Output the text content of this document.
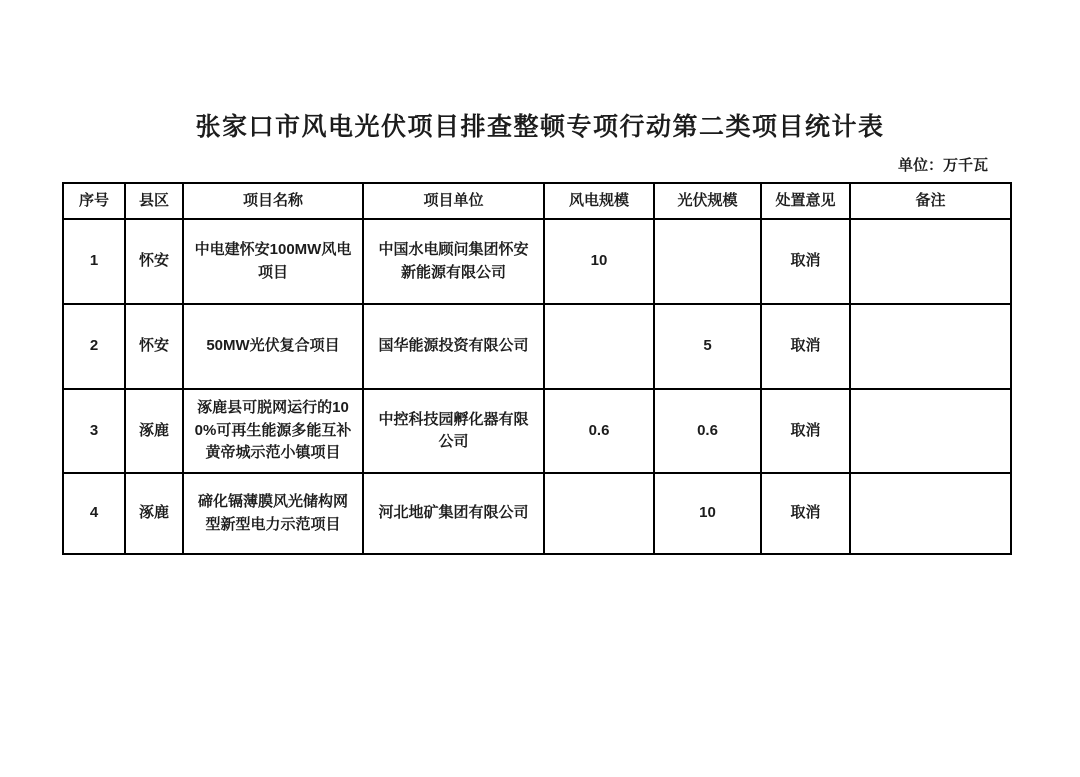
张家口市风电光伏项目排查整顿专项行动第二类项目统计表
单位：万千瓦
序号	县区	项目名称	项目单位	风电规模	光伏规模	处置意见	备注
1	怀安	中电建怀安100MW风电项目	中国水电顾问集团怀安新能源有限公司	10		取消	
2	怀安	50MW光伏复合项目	国华能源投资有限公司		5	取消	
3	涿鹿	涿鹿县可脱网运行的100%可再生能源多能互补黄帝城示范小镇项目	中控科技园孵化器有限公司	0.6	0.6	取消	
4	涿鹿	碲化镉薄膜风光储构网型新型电力示范项目	河北地矿集团有限公司		10	取消	
